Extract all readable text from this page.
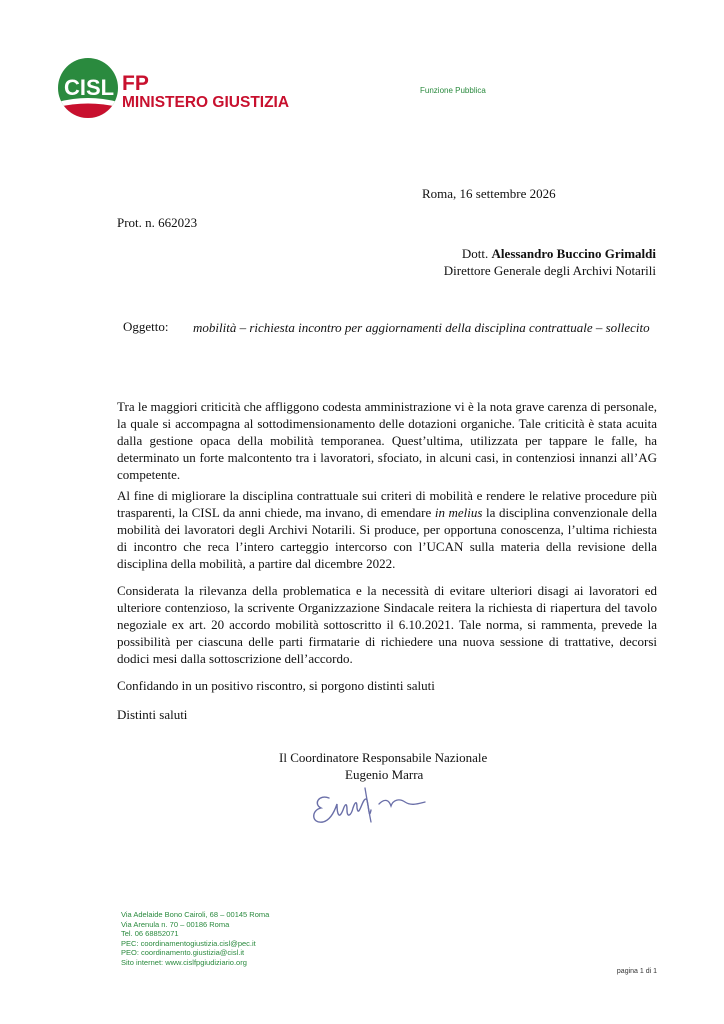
CISL FP
MINISTERO GIUSTIZIA
Funzione Pubblica
Roma, 16 settembre 2026
Prot. n. 662023
Dott. Alessandro Buccino Grimaldi
Direttore Generale degli Archivi Notarili
Oggetto: mobilità – richiesta incontro per aggiornamenti della disciplina contrattuale – sollecito
Tra le maggiori criticità che affliggono codesta amministrazione vi è la nota grave carenza di personale, la quale si accompagna al sottodimensionamento delle dotazioni organiche. Tale criticità è stata acuita dalla gestione opaca della mobilità temporanea. Quest’ultima, utilizzata per tappare le falle, ha determinato un forte malcontento tra i lavoratori, sfociato, in alcuni casi, in contenziosi innanzi all’AG competente.
Al fine di migliorare la disciplina contrattuale sui criteri di mobilità e rendere le relative procedure più trasparenti, la CISL da anni chiede, ma invano, di emendare in melius la disciplina convenzionale della mobilità dei lavoratori degli Archivi Notarili. Si produce, per opportuna conoscenza, l’ultima richiesta di incontro che reca l’intero carteggio intercorso con l’UCAN sulla materia della revisione della disciplina della mobilità, a partire dal dicembre 2022.
Considerata la rilevanza della problematica e la necessità di evitare ulteriori disagi ai lavoratori ed ulteriore contenzioso, la scrivente Organizzazione Sindacale reitera la richiesta di riapertura del tavolo negoziale ex art. 20 accordo mobilità sottoscritto il 6.10.2021. Tale norma, si rammenta, prevede la possibilità per ciascuna delle parti firmatarie di richiedere una nuova sessione di trattative, decorsi dodici mesi dalla sottoscrizione dell’accordo.
Confidando in un positivo riscontro, si porgono distinti saluti
Distinti saluti
Il Coordinatore Responsabile Nazionale
Eugenio Marra
Via Adelaide Bono Cairoli, 68 – 00145 Roma
Via Arenula n. 70 – 00186 Roma
Tel. 06 68852071
PEC: coordinamentogiustizia.cisl@pec.it
PEO: coordinamento.giustizia@cisl.it
Sito internet: www.cislfpgiudiziario.org
pagina 1 di 1
